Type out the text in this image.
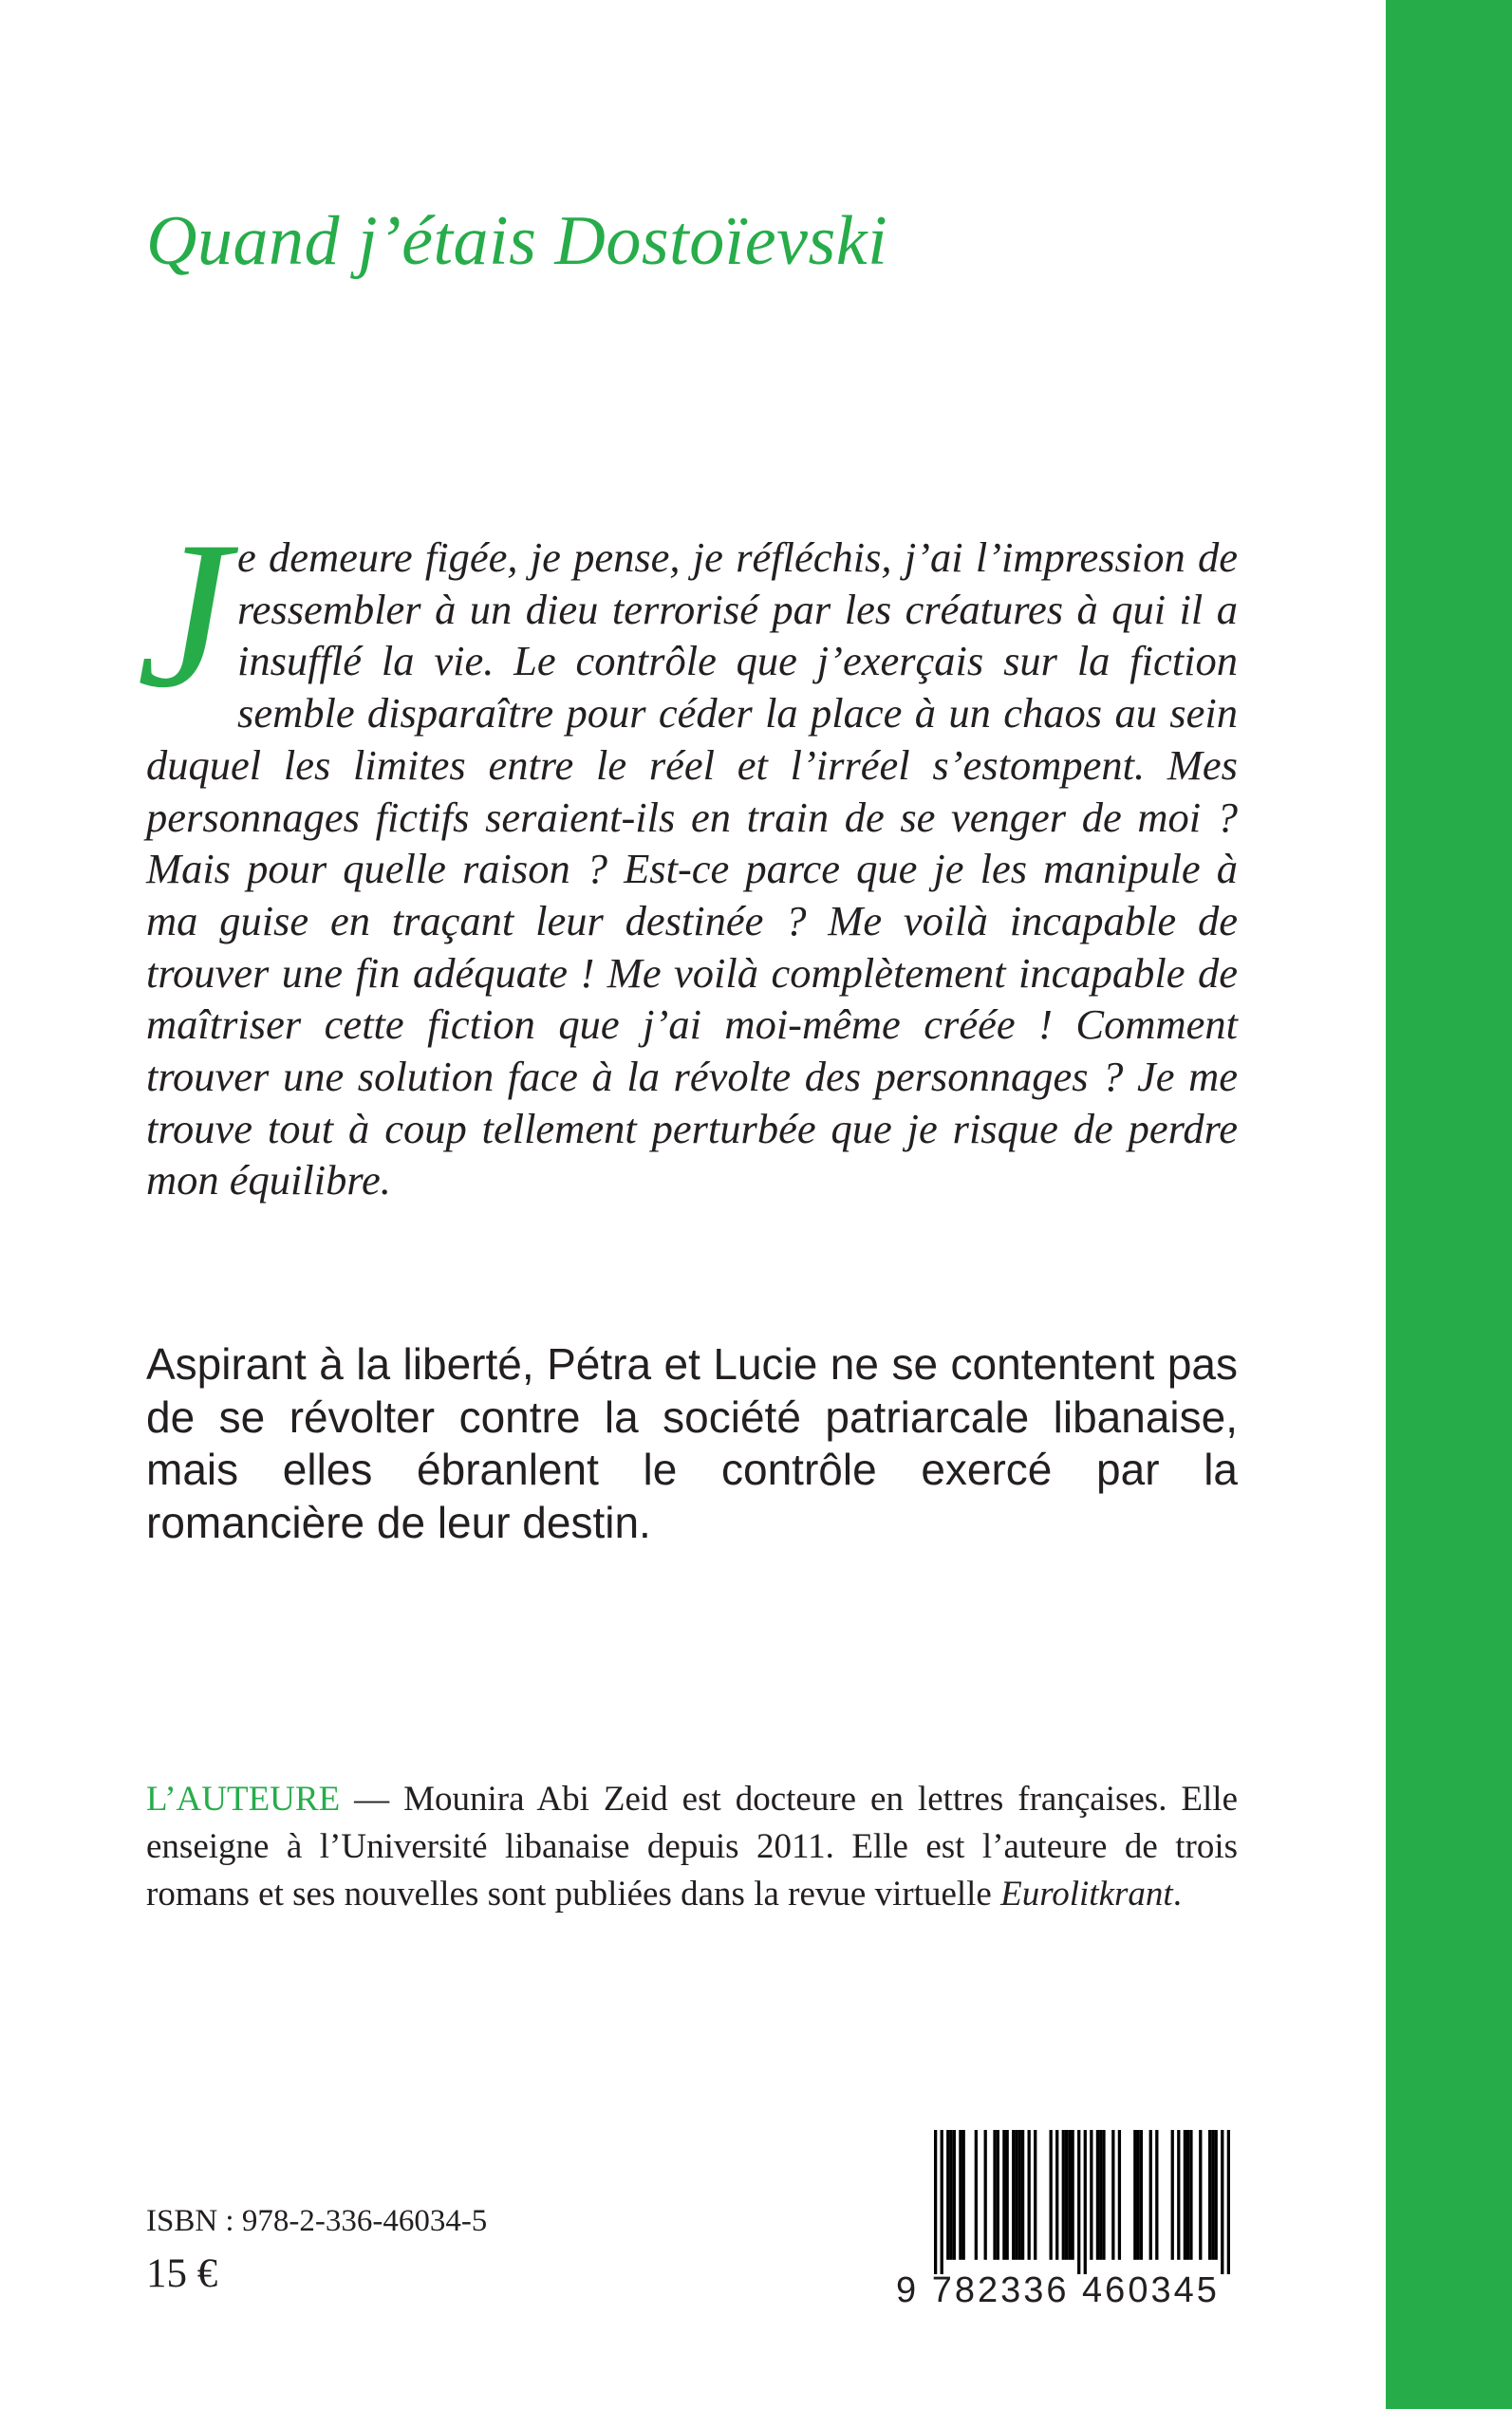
Quand j’étais Dostoïevski

Je demeure figée, je pense, je réfléchis, j’ai l’impression de ressembler à un dieu terrorisé par les créatures à qui il a insufflé la vie. Le contrôle que j’exerçais sur la fiction semble disparaître pour céder la place à un chaos au sein duquel les limites entre le réel et l’irréel s’estompent. Mes personnages fictifs seraient-ils en train de se venger de moi ? Mais pour quelle raison ? Est-ce parce que je les manipule à ma guise en traçant leur destinée ? Me voilà incapable de trouver une fin adéquate ! Me voilà complètement incapable de maîtriser cette fiction que j’ai moi-même créée ! Comment trouver une solution face à la révolte des personnages ? Je me trouve tout à coup tellement perturbée que je risque de perdre mon équilibre.

Aspirant à la liberté, Pétra et Lucie ne se contentent pas de se révolter contre la société patriarcale libanaise, mais elles ébranlent le contrôle exercé par la romancière de leur destin.

L’AUTEURE — Mounira Abi Zeid est docteure en lettres françaises. Elle enseigne à l’Université libanaise depuis 2011. Elle est l’auteure de trois romans et ses nouvelles sont publiées dans la revue virtuelle Eurolitkrant.

ISBN : 978-2-336-46034-5
15 €	9 782336 460345
